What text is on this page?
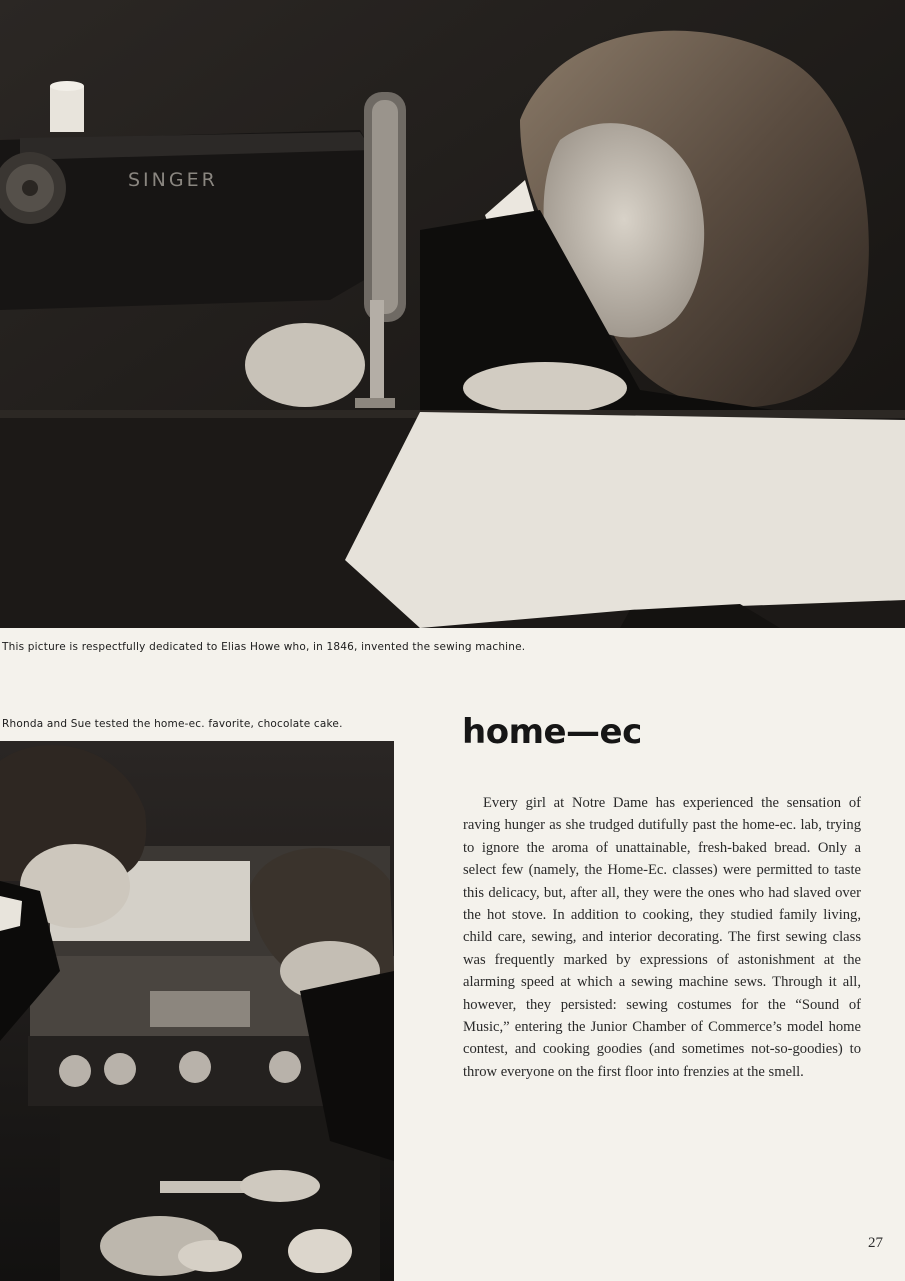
SINGER

This picture is respectfully dedicated to Elias Howe who, in 1846, invented the sewing machine.

Rhonda and Sue tested the home-ec. favorite, chocolate cake.	home—ec

Every girl at Notre Dame has experienced the sensation of raving hunger as she trudged dutifully past the home-ec. lab, trying to ignore the aroma of unattainable, fresh-baked bread. Only a select few (namely, the Home-Ec. classes) were permitted to taste this delicacy, but, after all, they were the ones who had slaved over the hot stove. In addition to cooking, they studied family living, child care, sewing, and interior decorating. The first sewing class was frequently marked by expressions of astonishment at the alarming speed at which a sewing machine sews. Through it all, however, they persisted: sewing costumes for the “Sound of Music,” entering the Junior Chamber of Commerce’s model home contest, and cooking goodies (and sometimes not-so-goodies) to throw everyone on the first floor into frenzies at the smell.

27
